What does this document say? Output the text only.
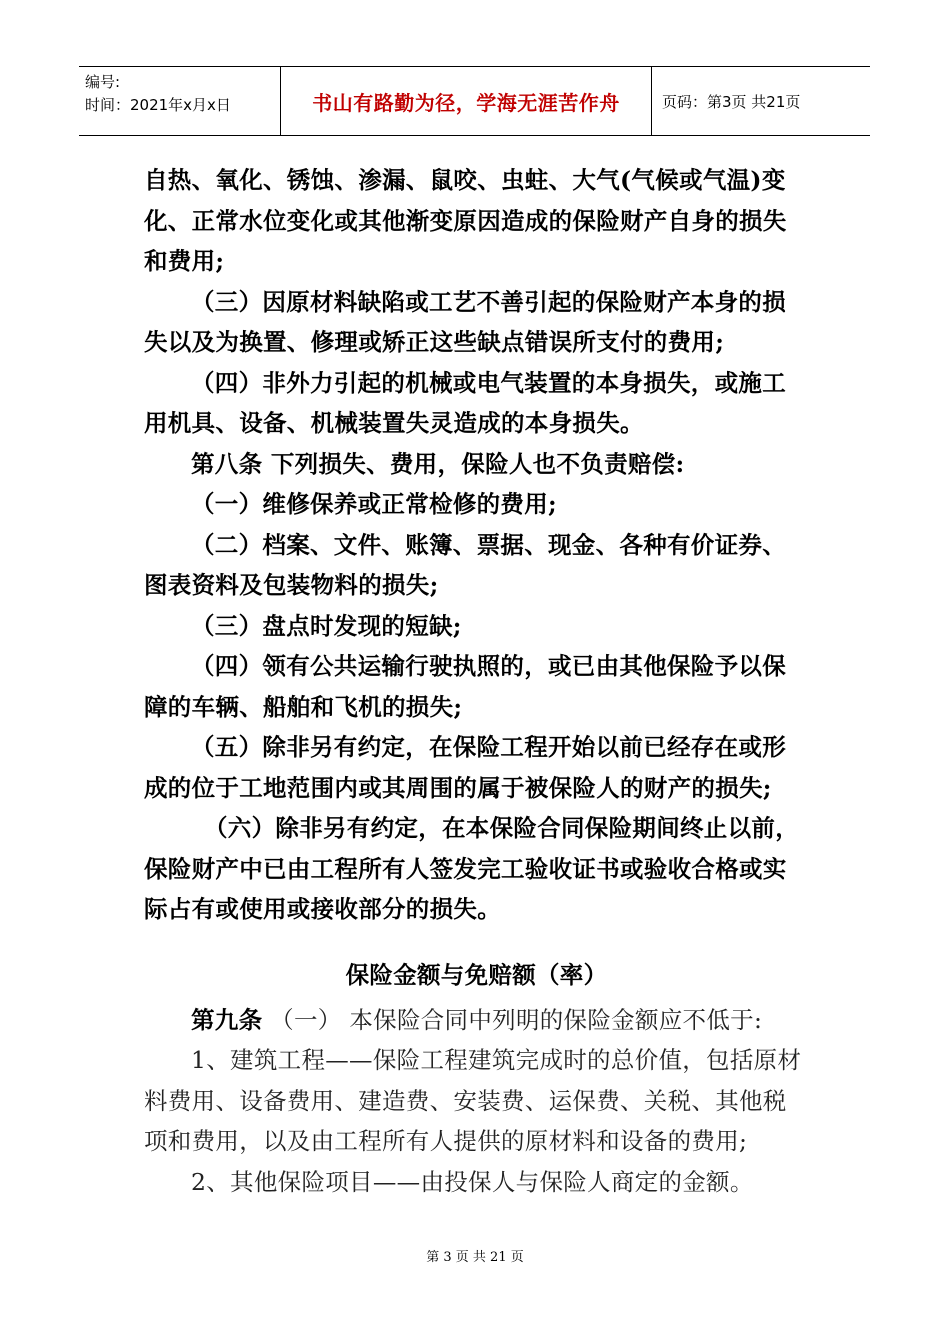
编号:
时间：2021年x月x日	书山有路勤为径，学海无涯苦作舟	页码：第3页 共21页

自热、氧化、锈蚀、渗漏、鼠咬、虫蛀、大气(气候或气温)变化、正常水位变化或其他渐变原因造成的保险财产自身的损失和费用;

（三）因原材料缺陷或工艺不善引起的保险财产本身的损失以及为换置、修理或矫正这些缺点错误所支付的费用;

（四）非外力引起的机械或电气装置的本身损失，或施工用机具、设备、机械装置失灵造成的本身损失。

第八条 下列损失、费用，保险人也不负责赔偿:

（一）维修保养或正常检修的费用;

（二）档案、文件、账簿、票据、现金、各种有价证券、图表资料及包装物料的损失;

（三）盘点时发现的短缺;

（四）领有公共运输行驶执照的，或已由其他保险予以保障的车辆、船舶和飞机的损失;

（五）除非另有约定，在保险工程开始以前已经存在或形成的位于工地范围内或其周围的属于被保险人的财产的损失;

（六）除非另有约定，在本保险合同保险期间终止以前，保险财产中已由工程所有人签发完工验收证书或验收合格或实际占有或使用或接收部分的损失。

保险金额与免赔额（率）

第九条 （一） 本保险合同中列明的保险金额应不低于:

1、建筑工程——保险工程建筑完成时的总价值，包括原材料费用、设备费用、建造费、安装费、运保费、关税、其他税项和费用，以及由工程所有人提供的原材料和设备的费用;

2、其他保险项目——由投保人与保险人商定的金额。

第 3 页 共 21 页
